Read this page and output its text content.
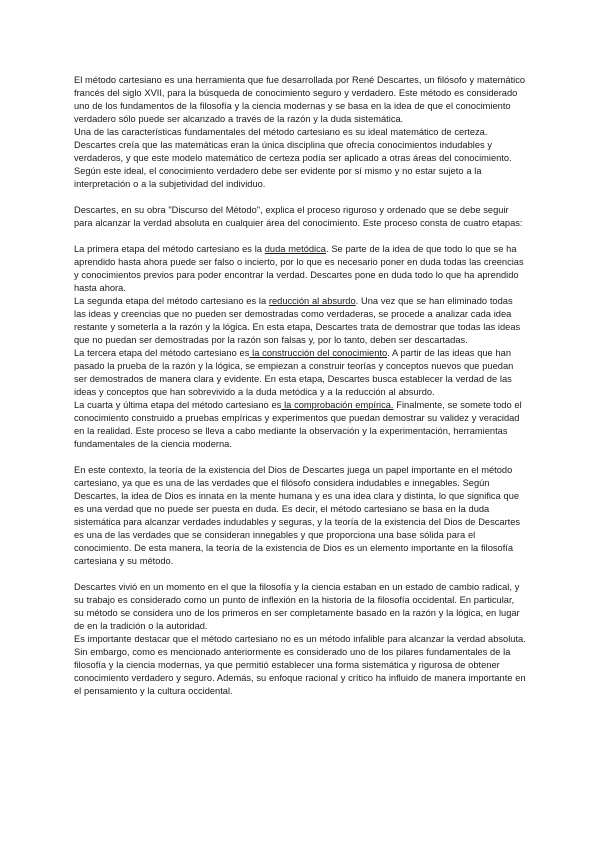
El método cartesiano es una herramienta que fue desarrollada por René Descartes, un filósofo y matemático francés del siglo XVII, para la búsqueda de conocimiento seguro y verdadero. Este método es considerado uno de los fundamentos de la filosofía y la ciencia modernas y se basa en la idea de que el conocimiento verdadero sólo puede ser alcanzado a través de la razón y la duda sistemática.

Una de las características fundamentales del método cartesiano es su ideal matemático de certeza. Descartes creía que las matemáticas eran la única disciplina que ofrecía conocimientos indudables y verdaderos, y que este modelo matemático de certeza podía ser aplicado a otras áreas del conocimiento. Según este ideal, el conocimiento verdadero debe ser evidente por sí mismo y no estar sujeto a la interpretación o a la subjetividad del individuo.

Descartes, en su obra "Discurso del Método", explica el proceso riguroso y ordenado que se debe seguir para alcanzar la verdad absoluta en cualquier área del conocimiento. Este proceso consta de cuatro etapas:

La primera etapa del método cartesiano es la duda metódica. Se parte de la idea de que todo lo que se ha aprendido hasta ahora puede ser falso o incierto, por lo que es necesario poner en duda todas las creencias y conocimientos previos para poder encontrar la verdad. Descartes pone en duda todo lo que ha aprendido hasta ahora.

La segunda etapa del método cartesiano es la reducción al absurdo. Una vez que se han eliminado todas las ideas y creencias que no pueden ser demostradas como verdaderas, se procede a analizar cada idea restante y someterla a la razón y la lógica. En esta etapa, Descartes trata de demostrar que todas las ideas que no puedan ser demostradas por la razón son falsas y, por lo tanto, deben ser descartadas.

La tercera etapa del método cartesiano es la construcción del conocimiento. A partir de las ideas que han pasado la prueba de la razón y la lógica, se empiezan a construir teorías y conceptos nuevos que puedan ser demostrados de manera clara y evidente. En esta etapa, Descartes busca establecer la verdad de las ideas y conceptos que han sobrevivido a la duda metódica y a la reducción al absurdo.

La cuarta y última etapa del método cartesiano es la comprobación empírica. Finalmente, se somete todo el conocimiento construido a pruebas empíricas y experimentos que puedan demostrar su validez y veracidad en la realidad. Este proceso se lleva a cabo mediante la observación y la experimentación, herramientas fundamentales de la ciencia moderna.

En este contexto, la teoría de la existencia del Dios de Descartes juega un papel importante en el método cartesiano, ya que es una de las verdades que el filósofo considera indudables e innegables. Según Descartes, la idea de Dios es innata en la mente humana y es una idea clara y distinta, lo que significa que es una verdad que no puede ser puesta en duda. Es decir, el método cartesiano se basa en la duda sistemática para alcanzar verdades indudables y seguras, y la teoría de la existencia del Dios de Descartes es una de las verdades que se consideran innegables y que proporciona una base sólida para el conocimiento. De esta manera, la teoría de la existencia de Dios es un elemento importante en la filosofía cartesiana y su método.

Descartes vivió en un momento en el que la filosofía y la ciencia estaban en un estado de cambio radical, y su trabajo es considerado como un punto de inflexión en la historia de la filosofía occidental. En particular, su método se considera uno de los primeros en ser completamente basado en la razón y la lógica, en lugar de en la tradición o la autoridad.

Es importante destacar que el método cartesiano no es un método infalible para alcanzar la verdad absoluta. Sin embargo, como es mencionado anteriormente es considerado uno de los pilares fundamentales de la filosofía y la ciencia modernas, ya que permitió establecer una forma sistemática y rigurosa de obtener conocimiento verdadero y seguro. Además, su enfoque racional y crítico ha influido de manera importante en el pensamiento y la cultura occidental.
